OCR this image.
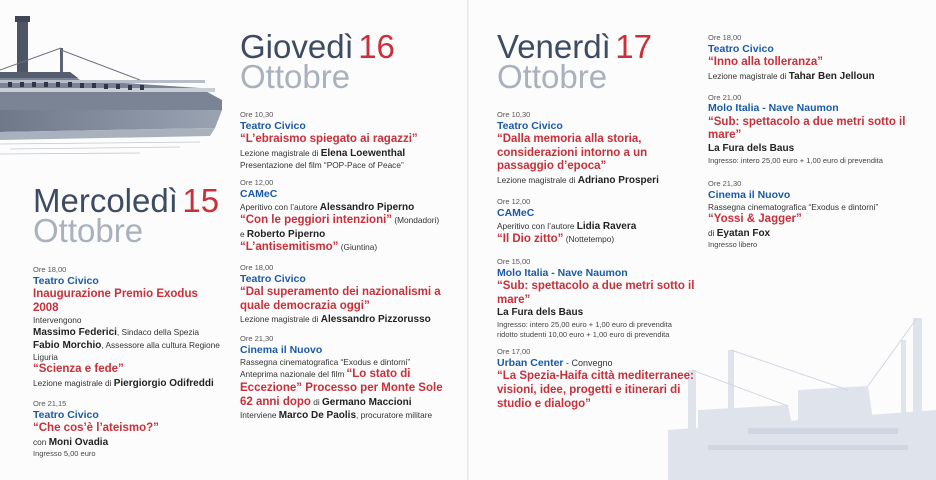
Mercoledì 15
Ottobre
Giovedì 16
Ottobre
Venerdì 17
Ottobre
Ore 18,00
Teatro Civico
Inaugurazione Premio Exodus 2008
Intervengono
Massimo Federici, Sindaco della Spezia
Fabio Morchio, Assessore alla cultura Regione Liguria
“Scienza e fede”
Lezione magistrale di Piergiorgio Odifreddi
Ore 21,15
Teatro Civico
“Che cos’è l’ateismo?”
con Moni Ovadia
Ingresso 5,00 euro
Ore 10,30
Teatro Civico
“L’ebraismo spiegato ai ragazzi”
Lezione magistrale di Elena Loewenthal
Presentazione del film “POP-Pace of Peace”
Ore 12,00
CAMeC
Aperitivo con l’autore Alessandro Piperno
“Con le peggiori intenzioni” (Mondadori)
e Roberto Piperno
“L’antisemitismo” (Giuntina)
Ore 18,00
Teatro Civico
“Dal superamento dei nazionalismi a quale democrazia oggi”
Lezione magistrale di Alessandro Pizzorusso
Ore 21,30
Cinema il Nuovo
Rassegna cinematografica “Exodus e dintorni”
Anteprima nazionale del film “Lo stato di Eccezione” Processo per Monte Sole 62 anni dopo di Germano Maccioni
Interviene Marco De Paolis, procuratore militare
Ore 10,30
Teatro Civico
“Dalla memoria alla storia, considerazioni intorno a un passaggio d’epoca”
Lezione magistrale di Adriano Prosperi
Ore 12,00
CAMeC
Aperitivo con l’autore Lidia Ravera
“Il Dio zitto” (Nottetempo)
Ore 15,00
Molo Italia - Nave Naumon
“Sub: spettacolo a due metri sotto il mare”
La Fura dels Baus
Ingresso: intero 25,00 euro + 1,00 euro di prevendita
ridotto studenti 10,00 euro + 1,00 euro di prevendita
Ore 17,00
Urban Center - Convegno
“La Spezia-Haifa città mediterranee: visioni, idee, progetti e itinerari di studio e dialogo”
Ore 18,00
Teatro Civico
“Inno alla tolleranza”
Lezione magistrale di Tahar Ben Jelloun
Ore 21,00
Molo Italia - Nave Naumon
“Sub: spettacolo a due metri sotto il mare”
La Fura dels Baus
Ingresso: intero 25,00 euro + 1,00 euro di prevendita
Ore 21,30
Cinema il Nuovo
Rassegna cinematografica “Exodus e dintorni”
“Yossi & Jagger”
di Eyatan Fox
Ingresso libero
